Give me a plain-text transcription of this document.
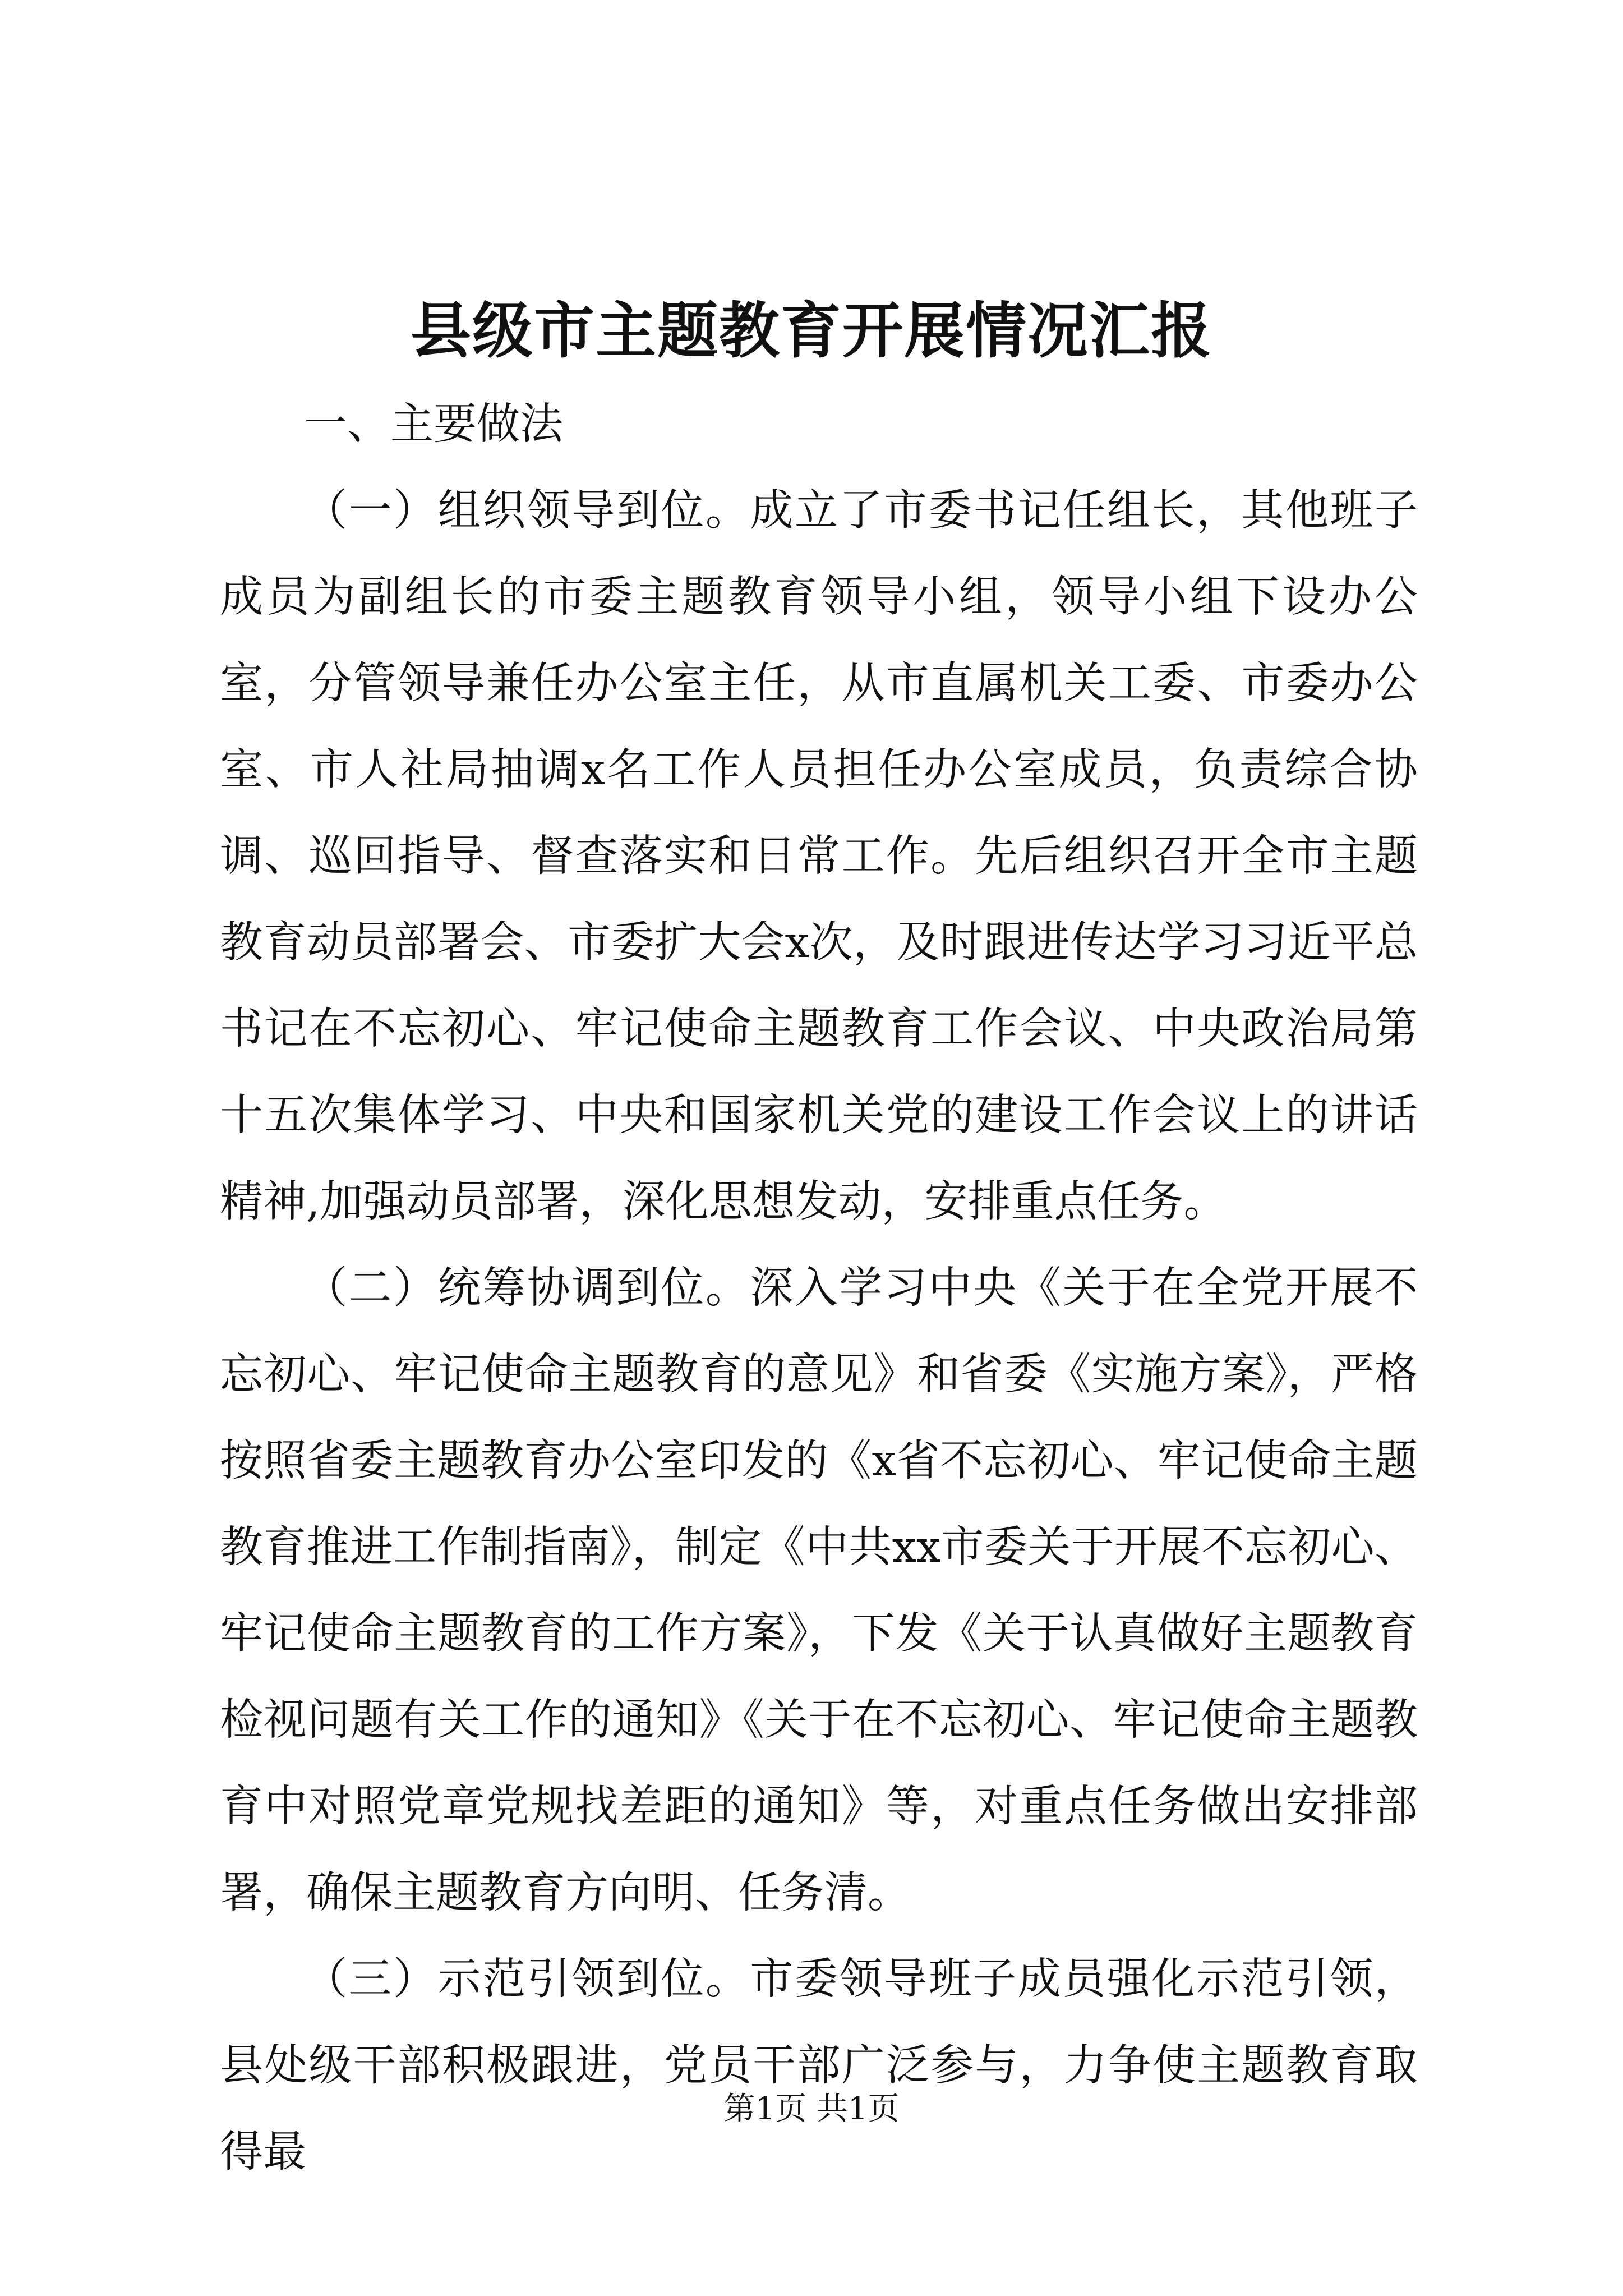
县级市主题教育开展情况汇报

一、主要做法

（一）组织领导到位。成立了市委书记任组长，其他班子成员为副组长的市委主题教育领导小组，领导小组下设办公室，分管领导兼任办公室主任，从市直属机关工委、市委办公室、市人社局抽调x名工作人员担任办公室成员，负责综合协调、巡回指导、督查落实和日常工作。先后组织召开全市主题教育动员部署会、市委扩大会x次，及时跟进传达学习习近平总书记在不忘初心、牢记使命主题教育工作会议、中央政治局第十五次集体学习、中央和国家机关党的建设工作会议上的讲话精神,加强动员部署，深化思想发动，安排重点任务。

（二）统筹协调到位。深入学习中央《关于在全党开展不忘初心、牢记使命主题教育的意见》和省委《实施方案》，严格按照省委主题教育办公室印发的《x省不忘初心、牢记使命主题教育推进工作制指南》，制定《中共xx市委关于开展不忘初心、牢记使命主题教育的工作方案》，下发《关于认真做好主题教育检视问题有关工作的通知》《关于在不忘初心、牢记使命主题教育中对照党章党规找差距的通知》等，对重点任务做出安排部署，确保主题教育方向明、任务清。

（三）示范引领到位。市委领导班子成员强化示范引领，县处级干部积极跟进，党员干部广泛参与，力争使主题教育取得最

第1页 共1页
